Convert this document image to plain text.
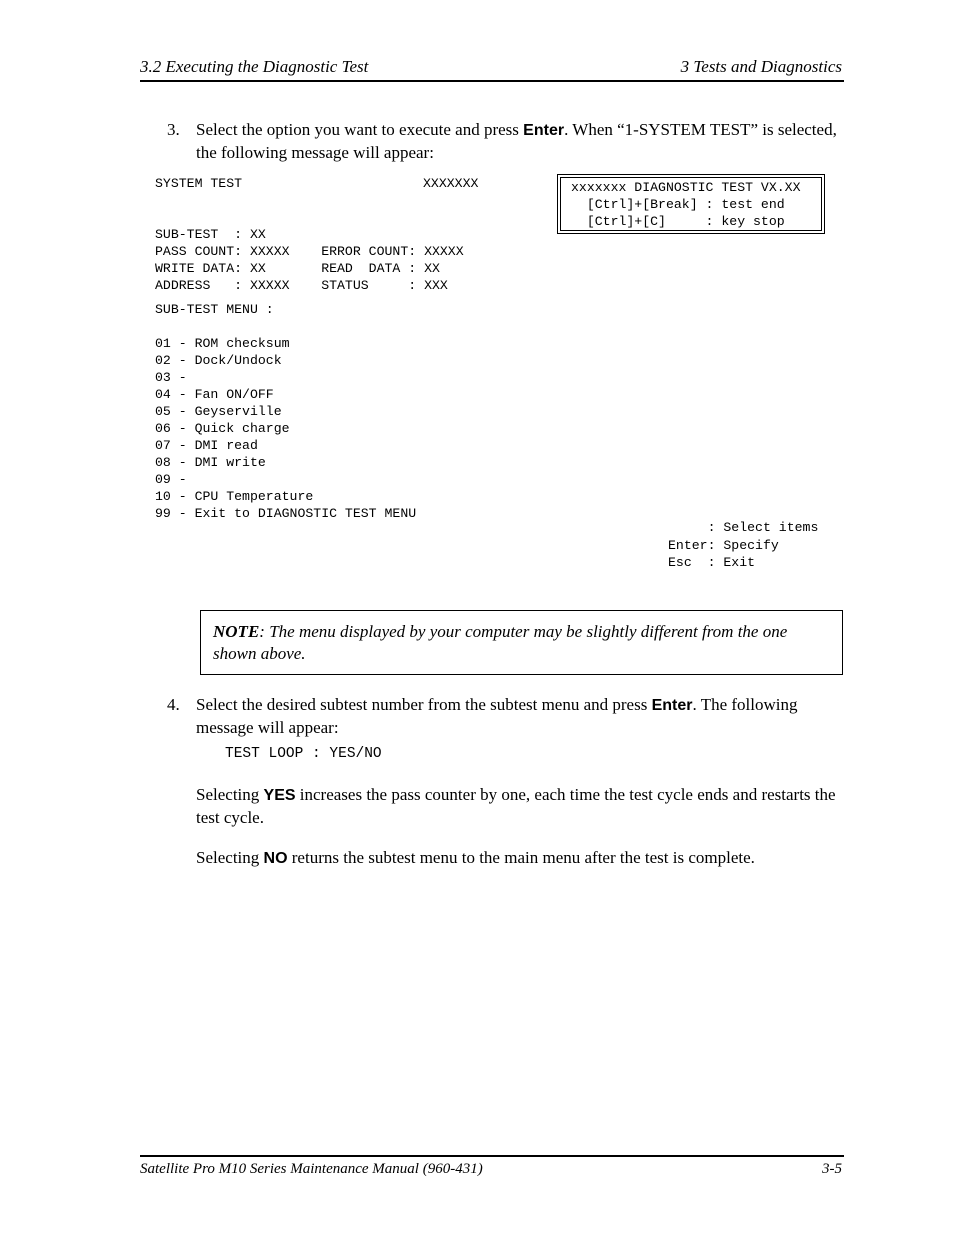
3.2 Executing the Diagnostic Test	3 Tests and Diagnostics
3. Select the option you want to execute and press Enter. When “1-SYSTEM TEST” is selected, the following message will appear:
SYSTEM TEST	XXXXXXX	xxxxxxx DIAGNOSTIC TEST VX.XX
[Ctrl]+[Break] : test end
[Ctrl]+[C]     : key stop
SUB-TEST  : XX
PASS COUNT: XXXXX    ERROR COUNT: XXXXX
WRITE DATA: XX       READ  DATA : XX
ADDRESS   : XXXXX    STATUS     : XXX
SUB-TEST MENU :
01 - ROM checksum
02 - Dock/Undock
03 -
04 - Fan ON/OFF
05 - Geyserville
06 - Quick charge
07 - DMI read
08 - DMI write
09 -
10 - CPU Temperature
99 - Exit to DIAGNOSTIC TEST MENU
: Select items
Enter: Specify
Esc  : Exit

NOTE: The menu displayed by your computer may be slightly different from the one shown above.

4. Select the desired subtest number from the subtest menu and press Enter. The following message will appear:
TEST LOOP : YES/NO
Selecting YES increases the pass counter by one, each time the test cycle ends and restarts the test cycle.
Selecting NO returns the subtest menu to the main menu after the test is complete.
Satellite Pro M10 Series Maintenance Manual (960-431)	3-5
